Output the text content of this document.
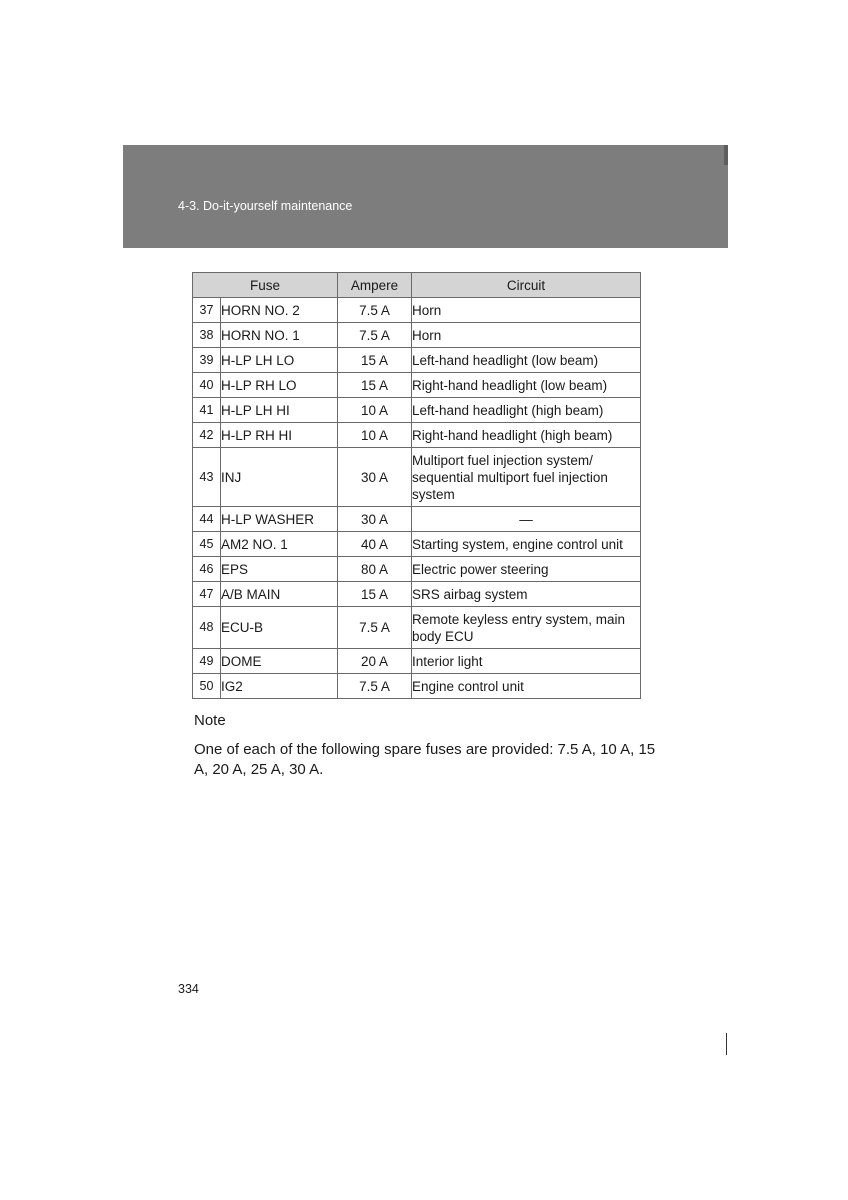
4-3. Do-it-yourself maintenance
Fuse		Ampere	Circuit
37	HORN NO. 2	7.5 A	Horn
38	HORN NO. 1	7.5 A	Horn
39	H-LP LH LO	15 A	Left-hand headlight (low beam)
40	H-LP RH LO	15 A	Right-hand headlight (low beam)
41	H-LP LH HI	10 A	Left-hand headlight (high beam)
42	H-LP RH HI	10 A	Right-hand headlight (high beam)
43	INJ	30 A	Multiport fuel injection system/ sequential multiport fuel injection system
44	H-LP WASHER	30 A	—
45	AM2 NO. 1	40 A	Starting system, engine control unit
46	EPS	80 A	Electric power steering
47	A/B MAIN	15 A	SRS airbag system
48	ECU-B	7.5 A	Remote keyless entry system, main body ECU
49	DOME	20 A	Interior light
50	IG2	7.5 A	Engine control unit
Note
One of each of the following spare fuses are provided: 7.5 A, 10 A, 15 A, 20 A, 25 A, 30 A.
334
